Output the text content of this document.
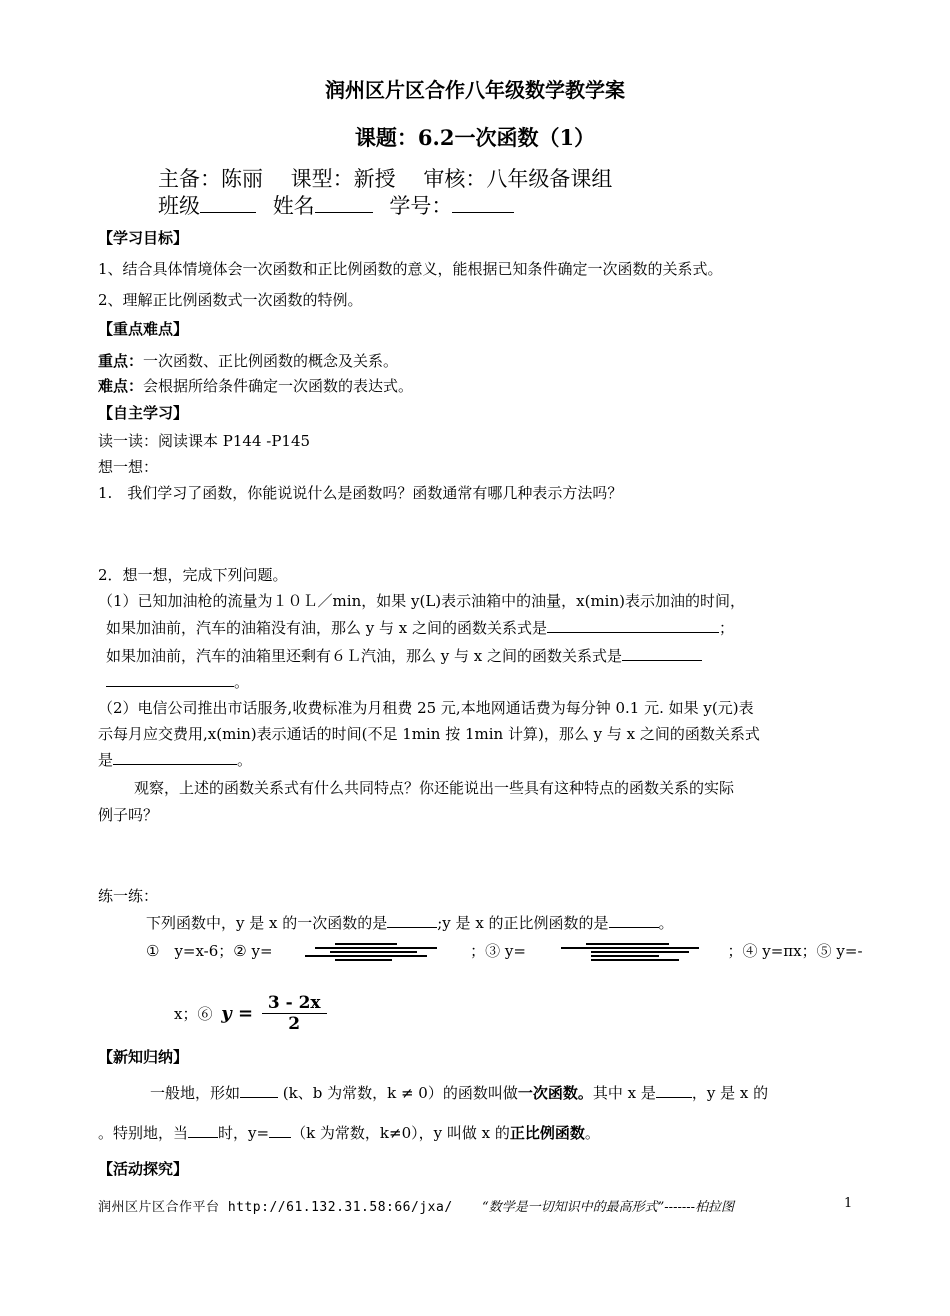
润州区片区合作八年级数学教学案
课题：6.2一次函数（1）
主备：陈丽　 课型：新授　 审核：八年级备课组
班级	姓名	学号：
【学习目标】
1、结合具体情境体会一次函数和正比例函数的意义，能根据已知条件确定一次函数的关系式。
2、理解正比例函数式一次函数的特例。
【重点难点】
重点：一次函数、正比例函数的概念及关系。
难点：会根据所给条件确定一次函数的表达式。
【自主学习】
读一读：阅读课本 P144 -P145
想一想：
1.　我们学习了函数，你能说说什么是函数吗？函数通常有哪几种表示方法吗？
2．想一想，完成下列问题。
（1）已知加油枪的流量为１０Ｌ／min，如果 y(L)表示油箱中的油量，x(min)表示加油的时间，
如果加油前，汽车的油箱没有油，那么 y 与 x 之间的函数关系式是	；
如果加油前，汽车的油箱里还剩有６Ｌ汽油，那么 y 与 x 之间的函数关系式是
。
（2）电信公司推出市话服务,收费标准为月租费 25 元,本地网通话费为每分钟 0.1 元. 如果 y(元)表
示每月应交费用,x(min)表示通话的时间(不足 1min 按 1min 计算)，那么 y 与 x 之间的函数关系式
是	。
观察，上述的函数关系式有什么共同特点？你还能说出一些具有这种特点的函数关系的实际
例子吗？
练一练：
下列函数中，y 是 x 的一次函数的是	;y 是 x 的正比例函数的是	。
①　y=x-6；② y=	；③ y=	；④ y=πx；⑤ y=-
x；⑥ $y = \frac{3 - 2x}{2}$
【新知归纳】
一般地，形如	(k、b 为常数，k ≠ 0）的函数叫做一次函数。其中 x 是 ，y 是 x 的
。特别地，当 时，y= （k 为常数，k≠0），y 叫做 x 的正比例函数。
【活动探究】
润州区片区合作平台 http://61.132.31.58:66/jxa/ “数学是一切知识中的最高形式”-------柏拉图	1
